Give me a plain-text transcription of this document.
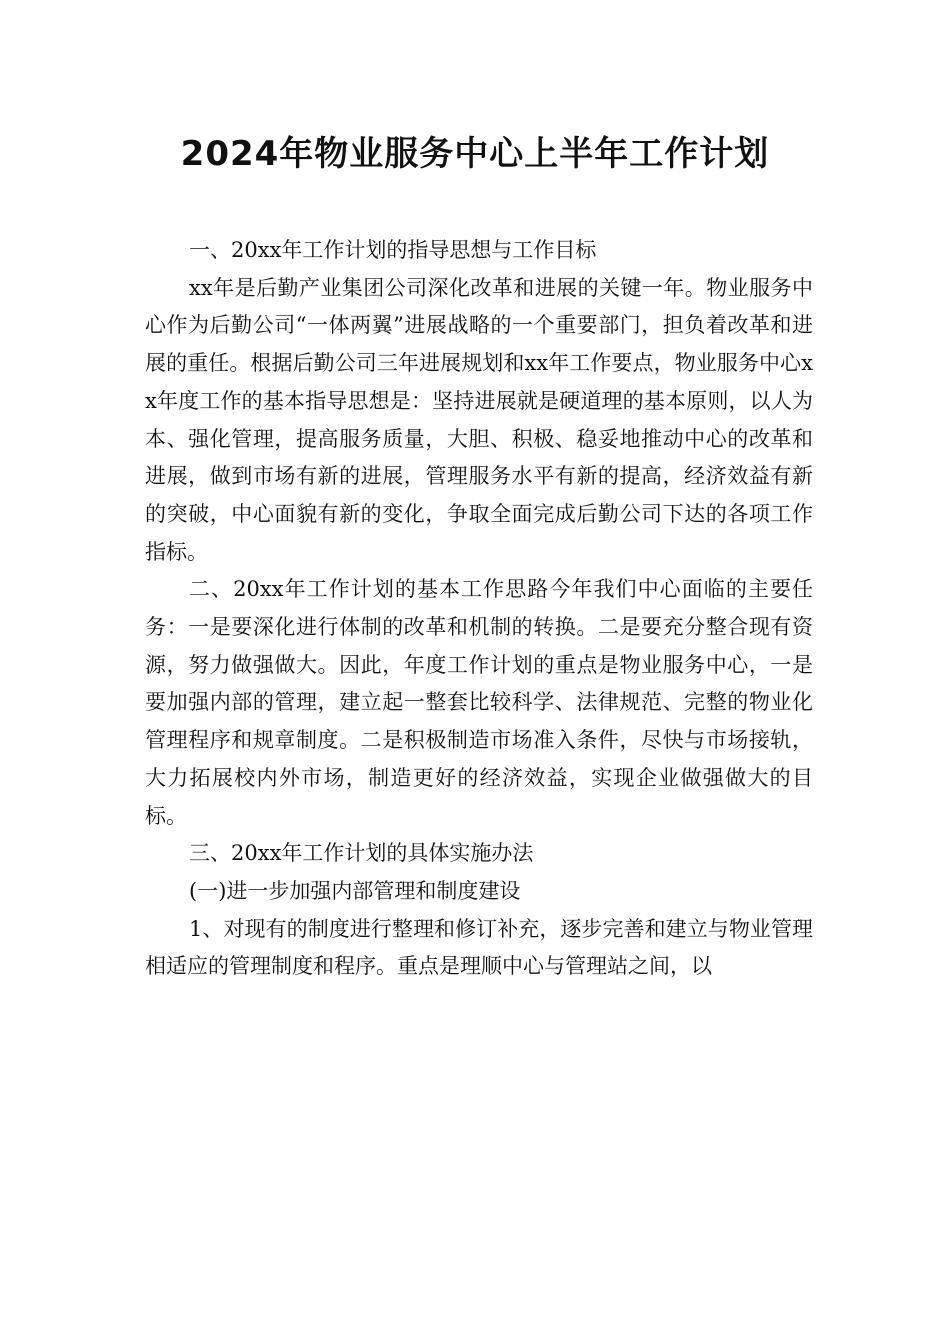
2024年物业服务中心上半年工作计划

一、20xx年工作计划的指导思想与工作目标

xx年是后勤产业集团公司深化改革和进展的关键一年。物业服务中心作为后勤公司“一体两翼”进展战略的一个重要部门，担负着改革和进展的重任。根据后勤公司三年进展规划和xx年工作要点，物业服务中心xx年度工作的基本指导思想是：坚持进展就是硬道理的基本原则，以人为本、强化管理，提高服务质量，大胆、积极、稳妥地推动中心的改革和进展，做到市场有新的进展，管理服务水平有新的提高，经济效益有新的突破，中心面貌有新的变化，争取全面完成后勤公司下达的各项工作指标。

二、20xx年工作计划的基本工作思路今年我们中心面临的主要任务：一是要深化进行体制的改革和机制的转换。二是要充分整合现有资源，努力做强做大。因此，年度工作计划的重点是物业服务中心，一是要加强内部的管理，建立起一整套比较科学、法律规范、完整的物业化管理程序和规章制度。二是积极制造市场准入条件，尽快与市场接轨，大力拓展校内外市场，制造更好的经济效益，实现企业做强做大的目标。

三、20xx年工作计划的具体实施办法

(一)进一步加强内部管理和制度建设

1、对现有的制度进行整理和修订补充，逐步完善和建立与物业管理相适应的管理制度和程序。重点是理顺中心与管理站之间，以
